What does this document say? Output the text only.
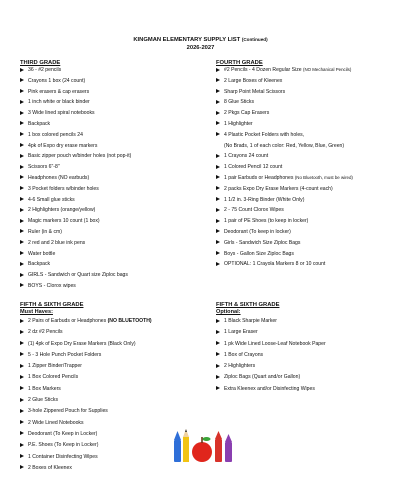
KINGMAN ELEMENTARY SUPPLY LIST (Continued)
2026-2027
THIRD GRADE
36 - #2 pencils
Crayons 1 box (24 count)
Pink erasers & cap erasers
1 inch white or black binder
3 Wide lined spiral notebooks
Backpack
1 box colored pencils 24
4pk of Expo dry erase markers
Basic zipper pouch w/binder holes (not pop-it)
Scissors 6"-8"
Headphones (NO earbuds)
3 Pocket folders w/binder holes
4-6 Small glue sticks
2 Highlighters (orange/yellow)
Magic markers 10 count (1 box)
Ruler (in & cm)
2 red and 2 blue ink pens
Water bottle
Backpack
GIRLS - Sandwich or Quart size Ziploc bags
BOYS - Clorox wipes
FOURTH GRADE
#2 Pencils - 4 Dozen Regular Size (NO Mechanical Pencils)
2 Large Boxes of Kleenex
Sharp Point Metal Scissors
8 Glue Sticks
2 Pkgs Cap Erasers
1 Highlighter
4 Plastic Pocket Folders with holes,
(No Brads, 1 of each color: Red, Yellow, Blue, Green)
1 Crayons 24 count
1 Colored Pencil 12 count
1 pair Earbuds or Headphones (No Bluetooth, must be wired)
2 packs Expo Dry Erase Markers (4-count each)
1 1/2 in. 3-Ring Binder (White Only)
2 - 75 Count Clorox Wipes
1 pair of PE Shoes (to keep in locker)
Deodorant (To keep in locker)
Girls - Sandwich Size Ziploc Bags
Boys - Gallon Size Ziploc Bags
OPTIONAL: 1 Crayola Markers 8 or 10 count
FIFTH & SIXTH GRADE
Must Haves:
2 Pairs of Earbuds or Headphones (NO BLUETOOTH)
2 dz #2 Pencils
(1) 4pk of Expo Dry Erase Markers (Black Only)
5 - 3 Hole Punch Pocket Folders
1 Zipper Binder/Trapper
1 Box Colored Pencils
1 Box Markers
2 Glue Sticks
3-hole Zippered Pouch for Supplies
2 Wide Lined Notebooks
Deodorant (To Keep in Locker)
P.E. Shoes (To Keep in Locker)
1 Container Disinfecting Wipes
2 Boxes of Kleenex
FIFTH & SIXTH GRADE
Optional:
1 Black Sharpie Marker
1 Large Eraser
1 pk Wide Lined Loose-Leaf Notebook Paper
1 Box of Crayons
2 Highlighters
Ziploc Bags (Quart and/or Gallon)
Extra Kleenex and/or Disinfecting Wipes
